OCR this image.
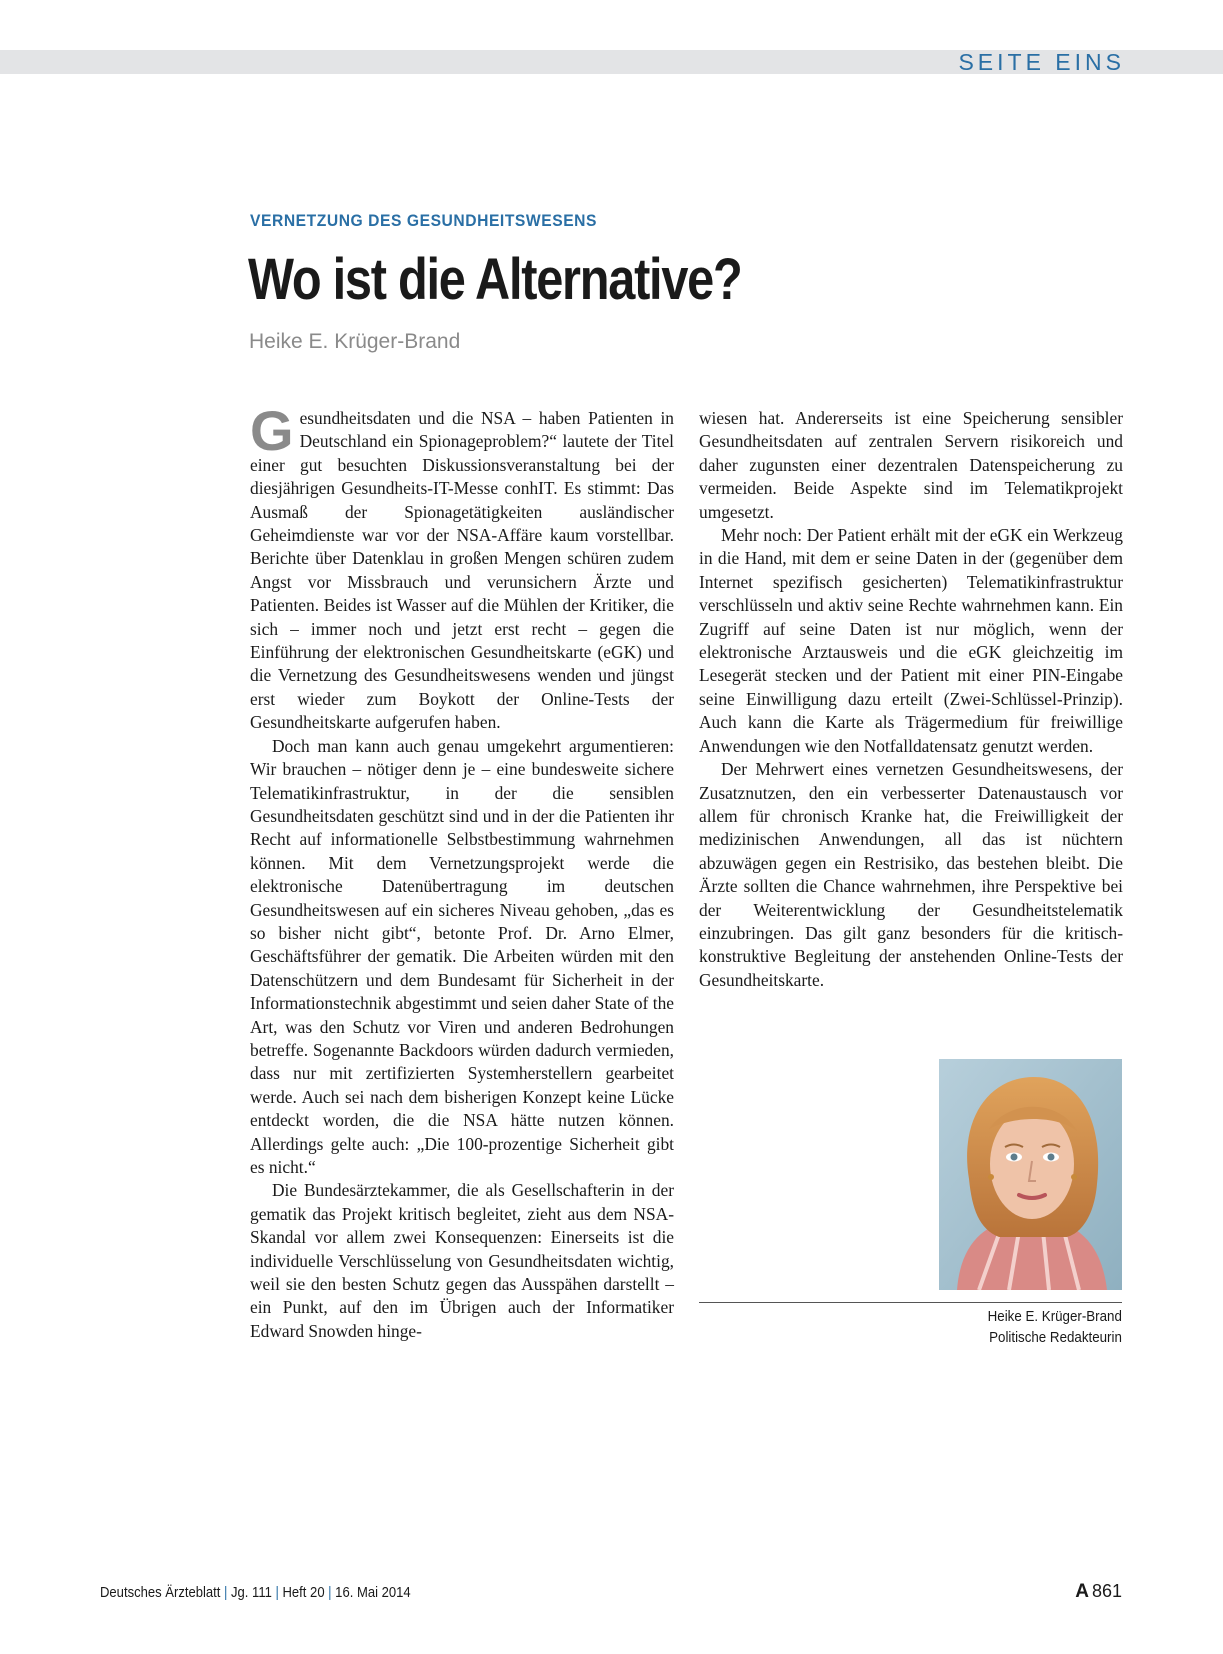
SEITE EINS
VERNETZUNG DES GESUNDHEITSWESENS
Wo ist die Alternative?
Heike E. Krüger-Brand

Gesundheitsdaten und die NSA – haben Patienten in Deutschland ein Spionageproblem?“ lautete der Titel einer gut besuchten Diskussionsveranstaltung bei der diesjährigen Gesundheits-IT-Messe conhIT. Es stimmt: Das Ausmaß der Spionagetätigkeiten ausländischer Geheimdienste war vor der NSA-Affäre kaum vorstellbar. Berichte über Datenklau in großen Mengen schüren zudem Angst vor Missbrauch und verunsichern Ärzte und Patienten. Beides ist Wasser auf die Mühlen der Kritiker, die sich – immer noch und jetzt erst recht – gegen die Einführung der elektronischen Gesundheitskarte (eGK) und die Vernetzung des Gesundheitswesens wenden und jüngst erst wieder zum Boykott der Online-Tests der Gesundheitskarte aufgerufen haben.

Doch man kann auch genau umgekehrt argumentieren: Wir brauchen – nötiger denn je – eine bundesweite sichere Telematikinfrastruktur, in der die sensiblen Gesundheitsdaten geschützt sind und in der die Patienten ihr Recht auf informationelle Selbstbestimmung wahrnehmen können. Mit dem Vernetzungsprojekt werde die elektronische Datenübertragung im deutschen Gesundheitswesen auf ein sicheres Niveau gehoben, „das es so bisher nicht gibt“, betonte Prof. Dr. Arno Elmer, Geschäftsführer der gematik. Die Arbeiten würden mit den Datenschützern und dem Bundesamt für Sicherheit in der Informationstechnik abgestimmt und seien daher State of the Art, was den Schutz vor Viren und anderen Bedrohungen betreffe. Sogenannte Backdoors würden dadurch vermieden, dass nur mit zertifizierten Systemherstellern gearbeitet werde. Auch sei nach dem bisherigen Konzept keine Lücke entdeckt worden, die die NSA hätte nutzen können. Allerdings gelte auch: „Die 100-prozentige Sicherheit gibt es nicht.“

Die Bundesärztekammer, die als Gesellschafterin in der gematik das Projekt kritisch begleitet, zieht aus dem NSA-Skandal vor allem zwei Konsequenzen: Einerseits ist die individuelle Verschlüsselung von Gesundheitsdaten wichtig, weil sie den besten Schutz gegen das Ausspähen darstellt – ein Punkt, auf den im Übrigen auch der Informatiker Edward Snowden hinge-

wiesen hat. Andererseits ist eine Speicherung sensibler Gesundheitsdaten auf zentralen Servern risikoreich und daher zugunsten einer dezentralen Datenspeicherung zu vermeiden. Beide Aspekte sind im Telematikprojekt umgesetzt.

Mehr noch: Der Patient erhält mit der eGK ein Werkzeug in die Hand, mit dem er seine Daten in der (gegenüber dem Internet spezifisch gesicherten) Telematikinfrastruktur verschlüsseln und aktiv seine Rechte wahrnehmen kann. Ein Zugriff auf seine Daten ist nur möglich, wenn der elektronische Arztausweis und die eGK gleichzeitig im Lesegerät stecken und der Patient mit einer PIN-Eingabe seine Einwilligung dazu erteilt (Zwei-Schlüssel-Prinzip). Auch kann die Karte als Trägermedium für freiwillige Anwendungen wie den Notfalldatensatz genutzt werden.

Der Mehrwert eines vernetzen Gesundheitswesens, der Zusatznutzen, den ein verbesserter Datenaustausch vor allem für chronisch Kranke hat, die Freiwilligkeit der medizinischen Anwendungen, all das ist nüchtern abzuwägen gegen ein Restrisiko, das bestehen bleibt. Die Ärzte sollten die Chance wahrnehmen, ihre Perspektive bei der Weiterentwicklung der Gesundheitstelematik einzubringen. Das gilt ganz besonders für die kritisch-konstruktive Begleitung der anstehenden Online-Tests der Gesundheitskarte.

Heike E. Krüger-Brand
Politische Redakteurin
Deutsches Ärzteblatt | Jg. 111 | Heft 20 | 16. Mai 2014	A 861
